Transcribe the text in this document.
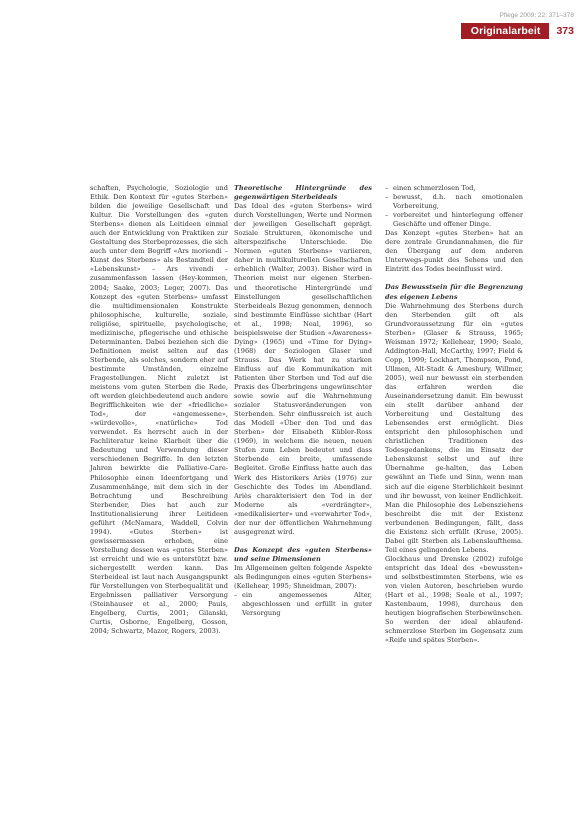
Pflege 2009; 22: 371–378
Originalarbeit	373

schaften, Psychologie, Soziologie und Ethik. Den Kontext für «gutes Sterben» bilden die jeweilige Gesellschaft und Kultur. Die Vorstellungen des «guten Sterbens» dienen als Leitideen einmal auch der Entwicklung von Praktiken zur Gestaltung des Sterbeprozesses, die sich auch unter dem Begriff «Ars moriendi – Kunst des Sterbens» als Bestandteil der «Lebenskunst» – Ars vivendi – zusammenfassen lassen (Hey-kommen, 2004; Saake, 2003; Leger, 2007). Das Konzept des «guten Sterbens» umfasst die multidimensionalen Konstrukte philosophische, kulturelle, soziale, religiöse, spirituelle, psychologische, medizinische, pflegerische und ethische Determinanten. Dabei beziehen sich die Definitionen meist selten auf das Sterbende, als solches, sondern eher auf bestimmte Umständen, einzelne Fragestellungen. Nicht zuletzt ist meistens vom guten Sterben die Rede, oft werden gleichbedeutend auch andere Begrifflichkeiten wie der «friedliche» Tod», der «angemessene», «würdevolle», «natürliche» Tod verwendet. Es herrscht auch in der Fachliteratur keine Klarheit über die Bedeutung und Verwendung dieser verschiedenen Begriffe. In den letzten Jahren bewirkte die Palliative-Care-Philosophie einen Ideenfortgang und Zusammenhänge, mit dem sich in der Betrachtung und Beschreibung Sterbender, Dies hat auch zur Institutionalisierung ihrer Leitideen geführt (McNamara, Waddell, Colvin 1994). «Gutes Sterben» ist gewissermassen erhoben, eine Vorstellung dessen was «gutes Sterben» ist erreicht und wie es unterstützt bzw. sichergestellt werden kann. Das Sterbeideal ist laut nach Ausgangspunkt für Vorstellungen von Sterbequalität und Ergebnissen palliativer Versorgung (Steinhauser et al., 2000; Pauls, Engelberg, Curtis, 2001; Gilanski, Curtis, Osborne, Engelberg, Gosson, 2004; Schwartz, Mazor, Rogers, 2003).

Theoretische Hintergründe des gegenwärtigen Sterbeideals

Das Ideal des «guten Sterbens» wird durch Vorstellungen, Werte und Normen der jeweiligen Gesellschaft geprägt. Soziale Strukturen, ökonomische und alterspezifische Unterschiede. Die Normen «guten Sterbens» variieren, daher in multikulturellen Gesellschaften erheblich (Walter, 2003). Bisher wird in Theorien meist nur eigenen Sterben- und theoretische Hintergründe und Einstellungen gesellschaftlichen Sterbeideals Bezug genommen, dennoch sind bestimmte Einflüsse sichtbar (Hart et al., 1998; Neal, 1996), so beispielsweise der Studien «Awareness» Dying» (1965) und «Time for Dying» (1968) der Soziologen Glaser und Strauss. Das Werk hat zu starken Einfluss auf die Kommunikation mit Patienten über Sterben und Tod auf die Praxis des Überbringens ungewünschter sowie sowie auf die Wahrnehmung sozialer Statusveränderungen von Sterbenden. Sehr einflussreich ist auch das Modell «Über den Tod und das Sterben» der Elisabeth Kübler-Ross (1969), in welchem die neuen, neuen Stufen zum Leben bedeutet und dass Sterbende ein breite, umfassende Begleitet. Große Einfluss hatte auch das Werk des Historikers Ariès (1976) zur Geschichte des Todes im Abendland. Ariès charakterisiert den Tod in der Moderne als «verdrängter», «medikalisierter» und «verwahrter Tod», der nur der öffentlichen Wahrnehmung ausgegrenzt wird.

Das Konzept des «guten Sterbens» und seine Dimensionen

Im Allgemeinen gelten folgende Aspekte als Bedingungen eines «guten Sterbens» (Kellehear, 1995; Shneidman, 2007):

– ein angemessenes Alter, abgeschlossen und erfüllt in guter Versorgung
– einen schmerzlosen Tod,
– bewusst, d.h. nach emotionalen Vorbereitung,
– vorbereitet und hinterlegung offener Geschäfte und offener Dinge.

Das Konzept «gutes Sterben» hat an dere zentrale Grundannahmen, die für den Übergang auf dem anderen Unterwegs-punkt des Sehens und den Eintritt des Todes beeinflusst wird.

Das Bewusstsein für die Begrenzung des eigenen Lebens

Die Wahrnehmung des Sterbens durch den Sterbenden gilt oft als Grundvoraussetzung für ein «gutes Sterben» (Glaser & Strauss, 1965; Weisman 1972; Kellehear, 1990; Seale, Addington-Hall, McCarthy, 1997; Field & Copp, 1999; Lockhart, Thompson, Pond, Ullmen, Alt-Stadt & Amesbury, Willmer, 2005), weil nur bewusst ein sterbenden das erfahren werden die Auseinandersetzung damit. Ein bewusst ein stellt darüber anhand der Vorbereitung und Gestaltung des Lebensendes erst ermöglicht. Dies entspricht den philosophischen und christlichen Traditionen des Todesgedankens, die im Einsatz der Lebenskunst selbst und auf ihre Übernahme ge-halten, das Leben gewähnt an Tiefe und Sinn, wenn man sich auf die eigene Sterblichkeit besinnt und ihr bewusst, von keiner Endlichkeit. Man die Philosophie des Lebensziehens beschreibt die mit der Existenz verbundenen Bedingungen, fällt, dass die Existenz sich erfüllt (Kruse, 2005). Dabei gilt Sterben als Lebenslaufthema. Teil eines gelingenden Lebens.

Glockhaus und Drenske (2002) zufolge entspricht das Ideal des «bewussten» und selbstbestimmten Sterbens, wie es von vielen Autoren, beschrieben wurde (Hart et al., 1998; Seale et al., 1997; Kastenbaum, 1998), durchaus den heutigen biografischen Sterbewünschen. So werden der ideal ablaufend-schmerzlose Sterben im Gegensatz zum «Reife und spätes Sterben».
